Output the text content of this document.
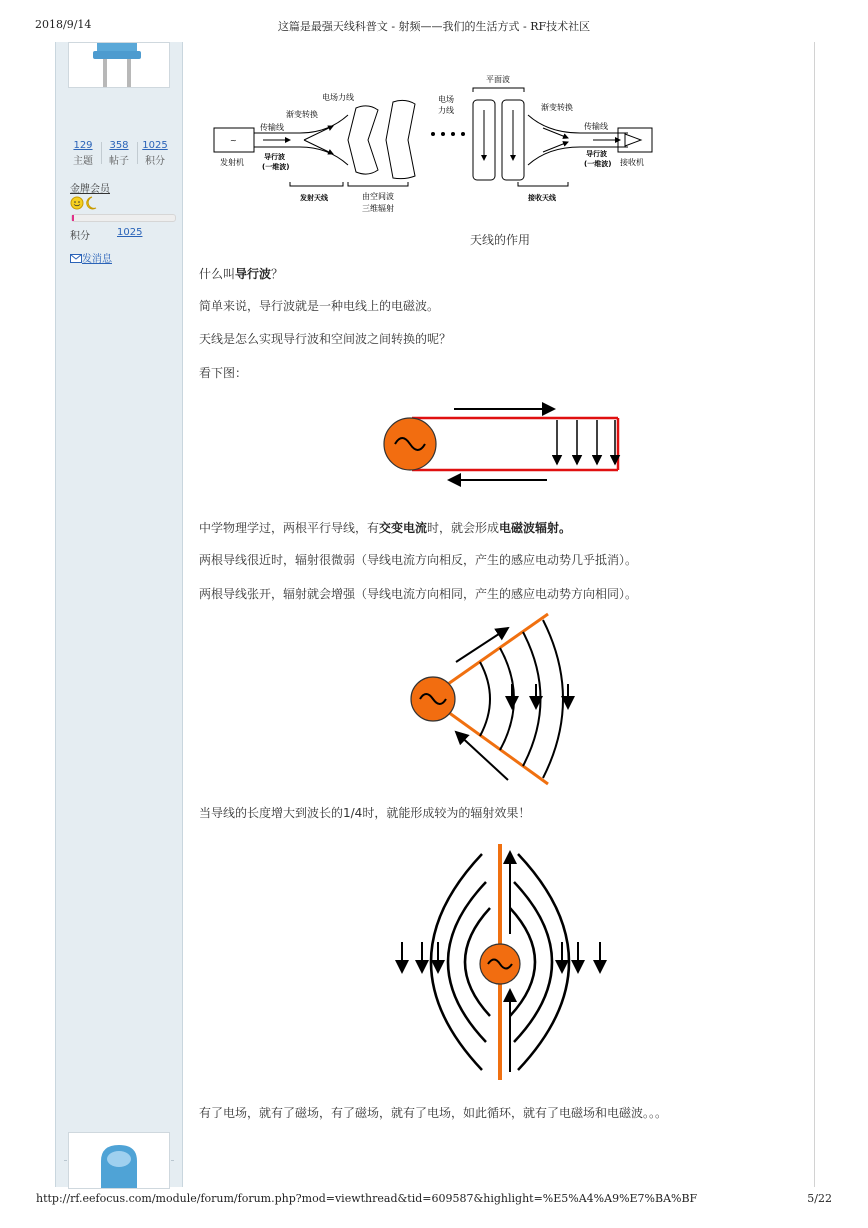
2018/9/14	这篇是最强天线科普文 - 射频——我们的生活方式 - RF技术社区
http://rf.eefocus.com/module/forum/forum.php?mod=viewthread&tid=609587&highlight=%E5%A4%A9%E7%BA%BF	5/22
129
主题
358
帖子
1025
积分
金牌会员
积分	1025
发消息
~
发射机
传输线
渐变转换
电场力线	电场
力线
平面波
渐变转换
传输线
接收机
由空间波
三维辐射
导行波
(一维波)
导行波
(一维波)
发射天线	接收天线
天线的作用
什么叫导行波？
简单来说，导行波就是一种电线上的电磁波。
天线是怎么实现导行波和空间波之间转换的呢？
看下图：
中学物理学过，两根平行导线，有交变电流时，就会形成电磁波辐射。
两根导线很近时，辐射很微弱（导线电流方向相反，产生的感应电动势几乎抵消）。
两根导线张开，辐射就会增强（导线电流方向相同，产生的感应电动势方向相同）。
当导线的长度增大到波长的1/4时，就能形成较为的辐射效果！
有了电场，就有了磁场，有了磁场，就有了电场，如此循环，就有了电磁场和电磁波。。。
